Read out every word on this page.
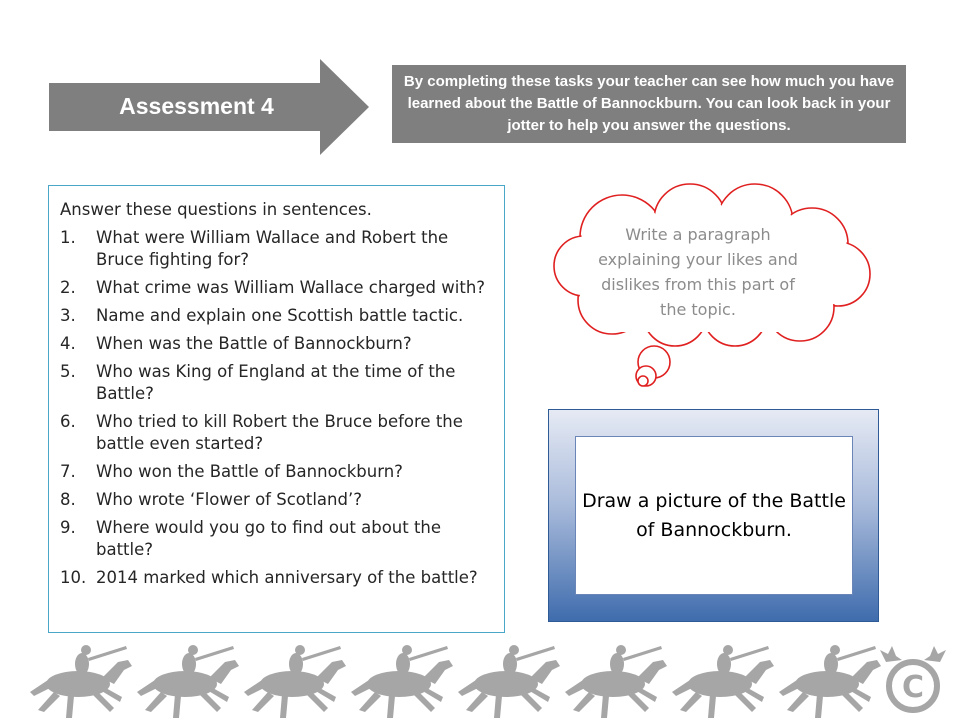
Assessment 4
By completing these tasks your teacher can see how much you have learned about the Battle of Bannockburn. You can look back in your jotter to help you answer the questions.

Answer these questions in sentences.

1.	What were William Wallace and Robert the Bruce fighting for?
2.	What crime was William Wallace charged with?
3.	Name and explain one Scottish battle tactic.
4.	When was the Battle of Bannockburn?
5.	Who was King of England at the time of the Battle?
6.	Who tried to kill Robert the Bruce before the battle even started?
7.	Who won the Battle of Bannockburn?
8.	Who wrote ‘Flower of Scotland’?
9.	Where would you go to find out about the battle?
10. 2014 marked which anniversary of the battle?
Write a paragraph explaining your likes and dislikes from this part of the topic.
Draw a picture of the Battle of Bannockburn.
C
